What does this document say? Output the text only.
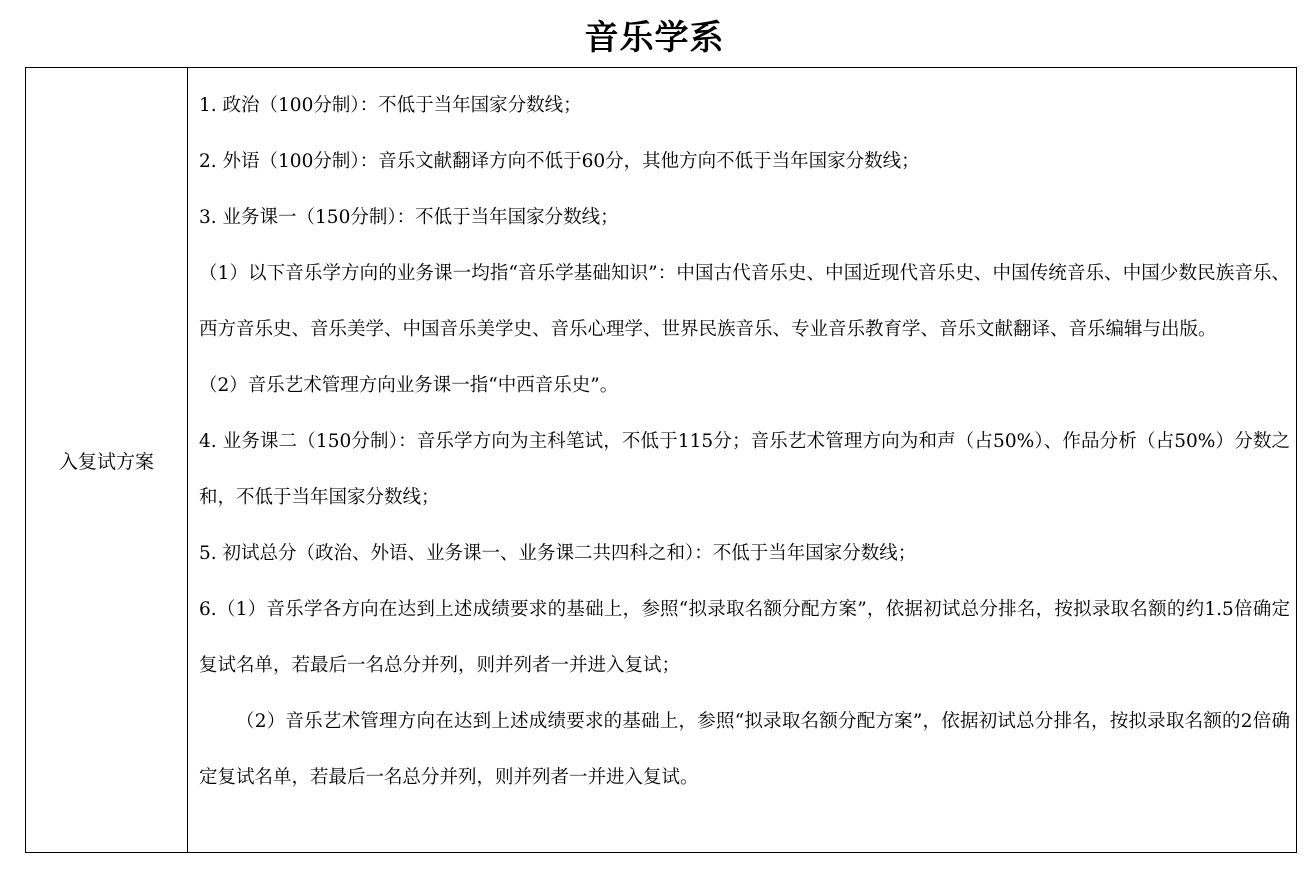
音乐学系
入复试方案	

1. 政治（100分制）：不低于当年国家分数线；

2. 外语（100分制）：音乐文献翻译方向不低于60分，其他方向不低于当年国家分数线；

3. 业务课一（150分制）：不低于当年国家分数线；

（1）以下音乐学方向的业务课一均指“音乐学基础知识”：中国古代音乐史、中国近现代音乐史、中国传统音乐、中国少数民族音乐、西方音乐史、音乐美学、中国音乐美学史、音乐心理学、世界民族音乐、专业音乐教育学、音乐文献翻译、音乐编辑与出版。

（2）音乐艺术管理方向业务课一指“中西音乐史”。

4. 业务课二（150分制）：音乐学方向为主科笔试，不低于115分；音乐艺术管理方向为和声（占50%）、作品分析（占50%）分数之和，不低于当年国家分数线；

5. 初试总分（政治、外语、业务课一、业务课二共四科之和）：不低于当年国家分数线；

6.（1）音乐学各方向在达到上述成绩要求的基础上，参照“拟录取名额分配方案”，依据初试总分排名，按拟录取名额的约1.5倍确定复试名单，若最后一名总分并列，则并列者一并进入复试；

（2）音乐艺术管理方向在达到上述成绩要求的基础上，参照“拟录取名额分配方案”，依据初试总分排名，按拟录取名额的2倍确定复试名单，若最后一名总分并列，则并列者一并进入复试。
